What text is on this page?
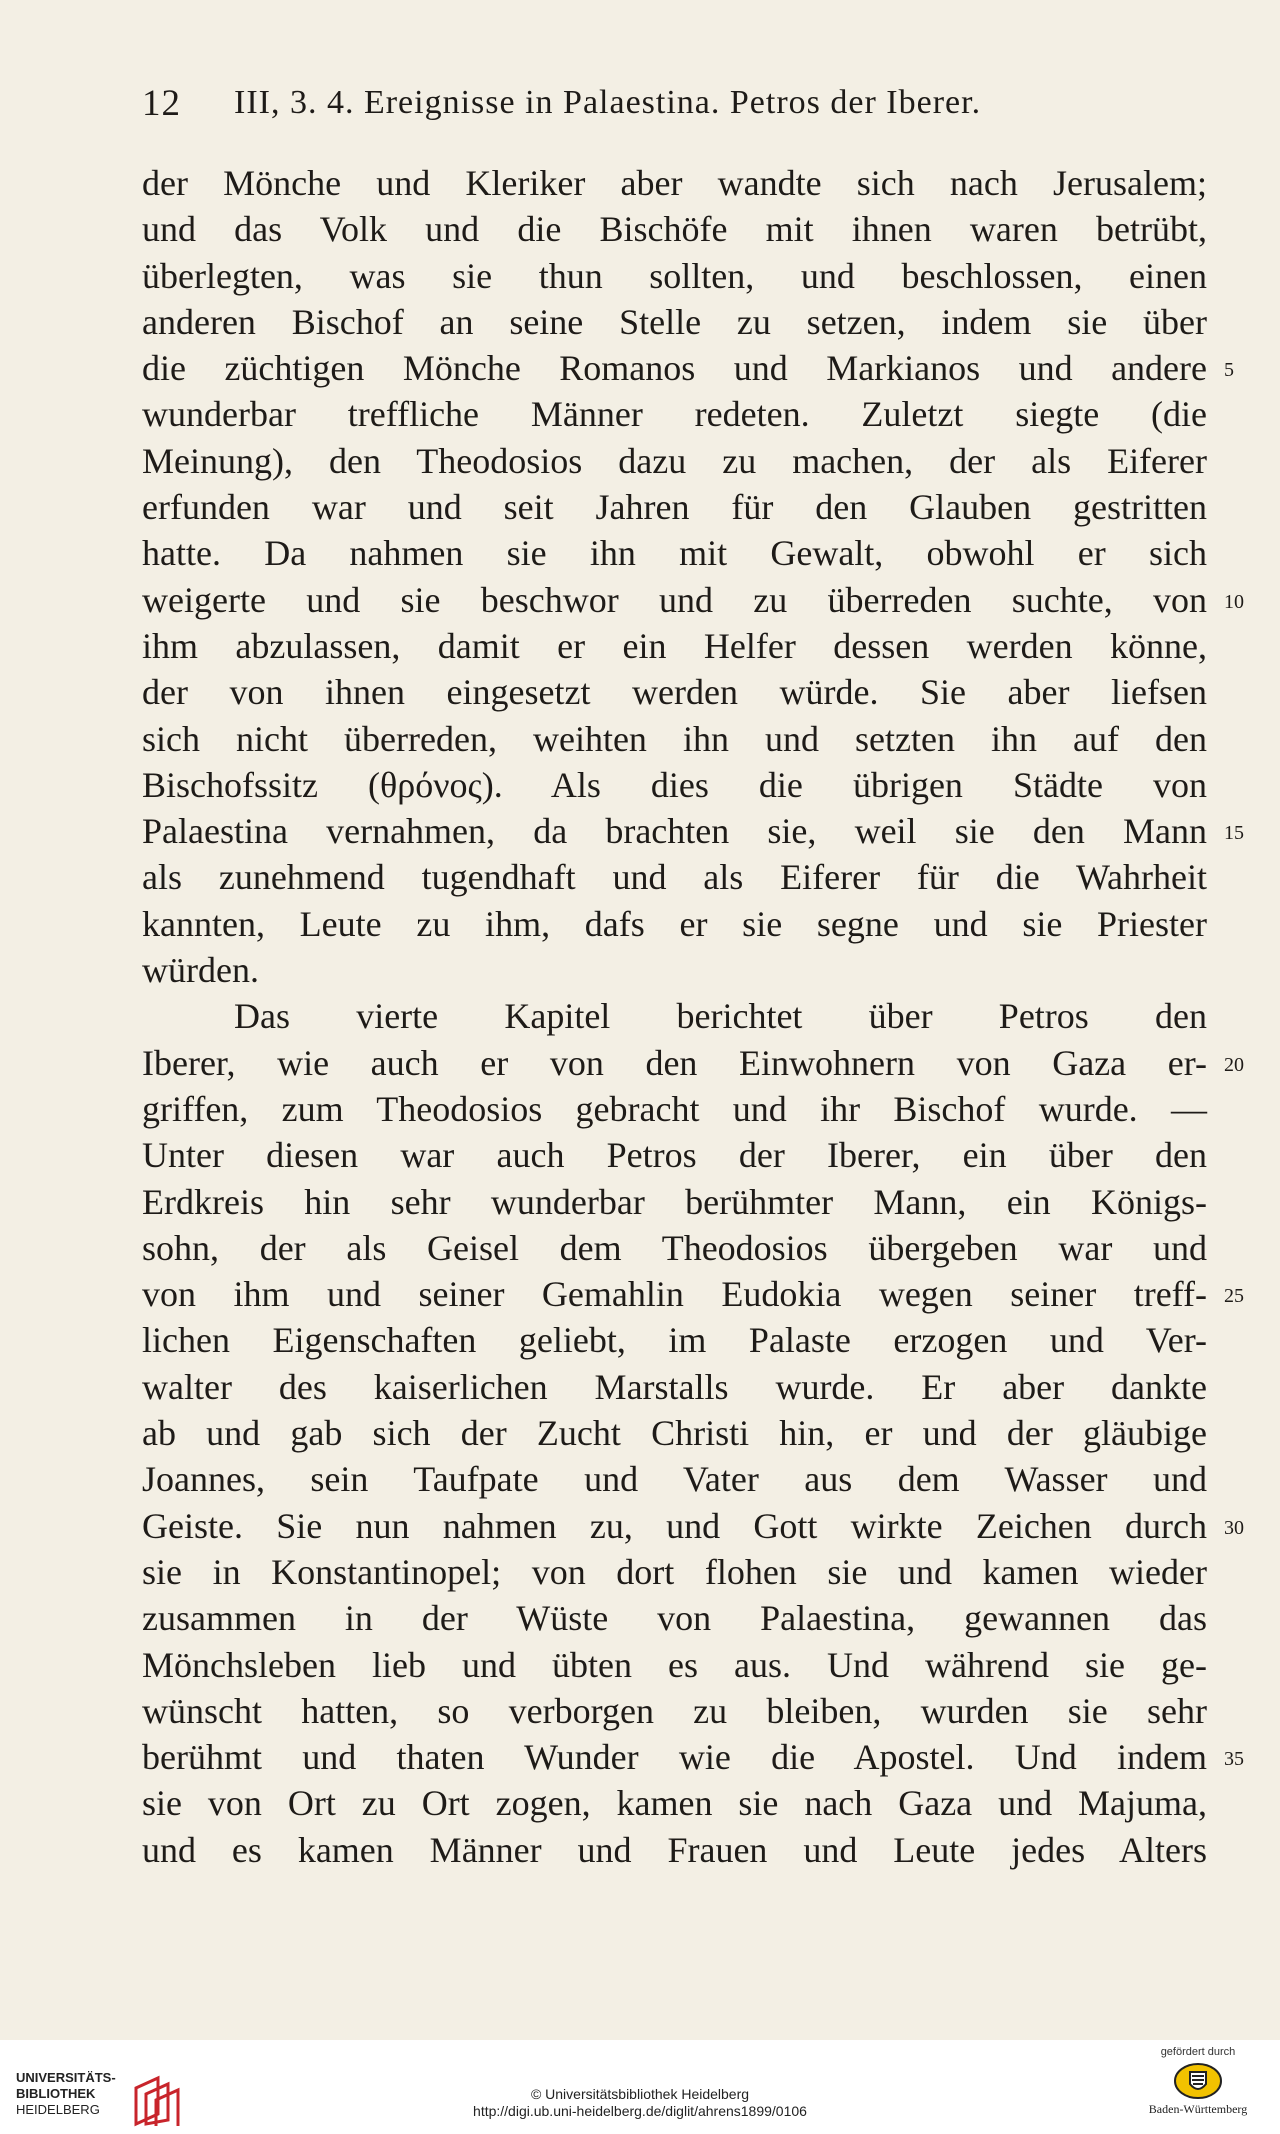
12 III, 3. 4. Ereignisse in Palaestina. Petros der Iberer.
der Mönche und Kleriker aber wandte sich nach Jerusalem;
und das Volk und die Bischöfe mit ihnen waren betrübt,
überlegten, was sie thun sollten, und beschlossen, einen
anderen Bischof an seine Stelle zu setzen, indem sie über
die züchtigen Mönche Romanos und Markianos und andere 5
wunderbar treffliche Männer redeten. Zuletzt siegte (die
Meinung), den Theodosios dazu zu machen, der als Eiferer
erfunden war und seit Jahren für den Glauben gestritten
hatte. Da nahmen sie ihn mit Gewalt, obwohl er sich
weigerte und sie beschwor und zu überreden suchte, von 10
ihm abzulassen, damit er ein Helfer dessen werden könne,
der von ihnen eingesetzt werden würde. Sie aber liefsen
sich nicht überreden, weihten ihn und setzten ihn auf den
Bischofssitz (θρόνος). Als dies die übrigen Städte von
Palaestina vernahmen, da brachten sie, weil sie den Mann 15
als zunehmend tugendhaft und als Eiferer für die Wahrheit
kannten, Leute zu ihm, dafs er sie segne und sie Priester
würden.
Das vierte Kapitel berichtet über Petros den
Iberer, wie auch er von den Einwohnern von Gaza er- 20
griffen, zum Theodosios gebracht und ihr Bischof wurde. —
Unter diesen war auch Petros der Iberer, ein über den
Erdkreis hin sehr wunderbar berühmter Mann, ein Königs-
sohn, der als Geisel dem Theodosios übergeben war und
von ihm und seiner Gemahlin Eudokia wegen seiner treff- 25
lichen Eigenschaften geliebt, im Palaste erzogen und Ver-
walter des kaiserlichen Marstalls wurde. Er aber dankte
ab und gab sich der Zucht Christi hin, er und der gläubige
Joannes, sein Taufpate und Vater aus dem Wasser und
Geiste. Sie nun nahmen zu, und Gott wirkte Zeichen durch 30
sie in Konstantinopel; von dort flohen sie und kamen wieder
zusammen in der Wüste von Palaestina, gewannen das
Mönchsleben lieb und übten es aus. Und während sie ge-
wünscht hatten, so verborgen zu bleiben, wurden sie sehr
berühmt und thaten Wunder wie die Apostel. Und indem 35
sie von Ort zu Ort zogen, kamen sie nach Gaza und Majuma,
und es kamen Männer und Frauen und Leute jedes Alters
UNIVERSITÄTS-
BIBLIOTHEK
HEIDELBERG
© Universitätsbibliothek Heidelberg
http://digi.ub.uni-heidelberg.de/diglit/ahrens1899/0106
gefördert durch
Baden-Württemberg
